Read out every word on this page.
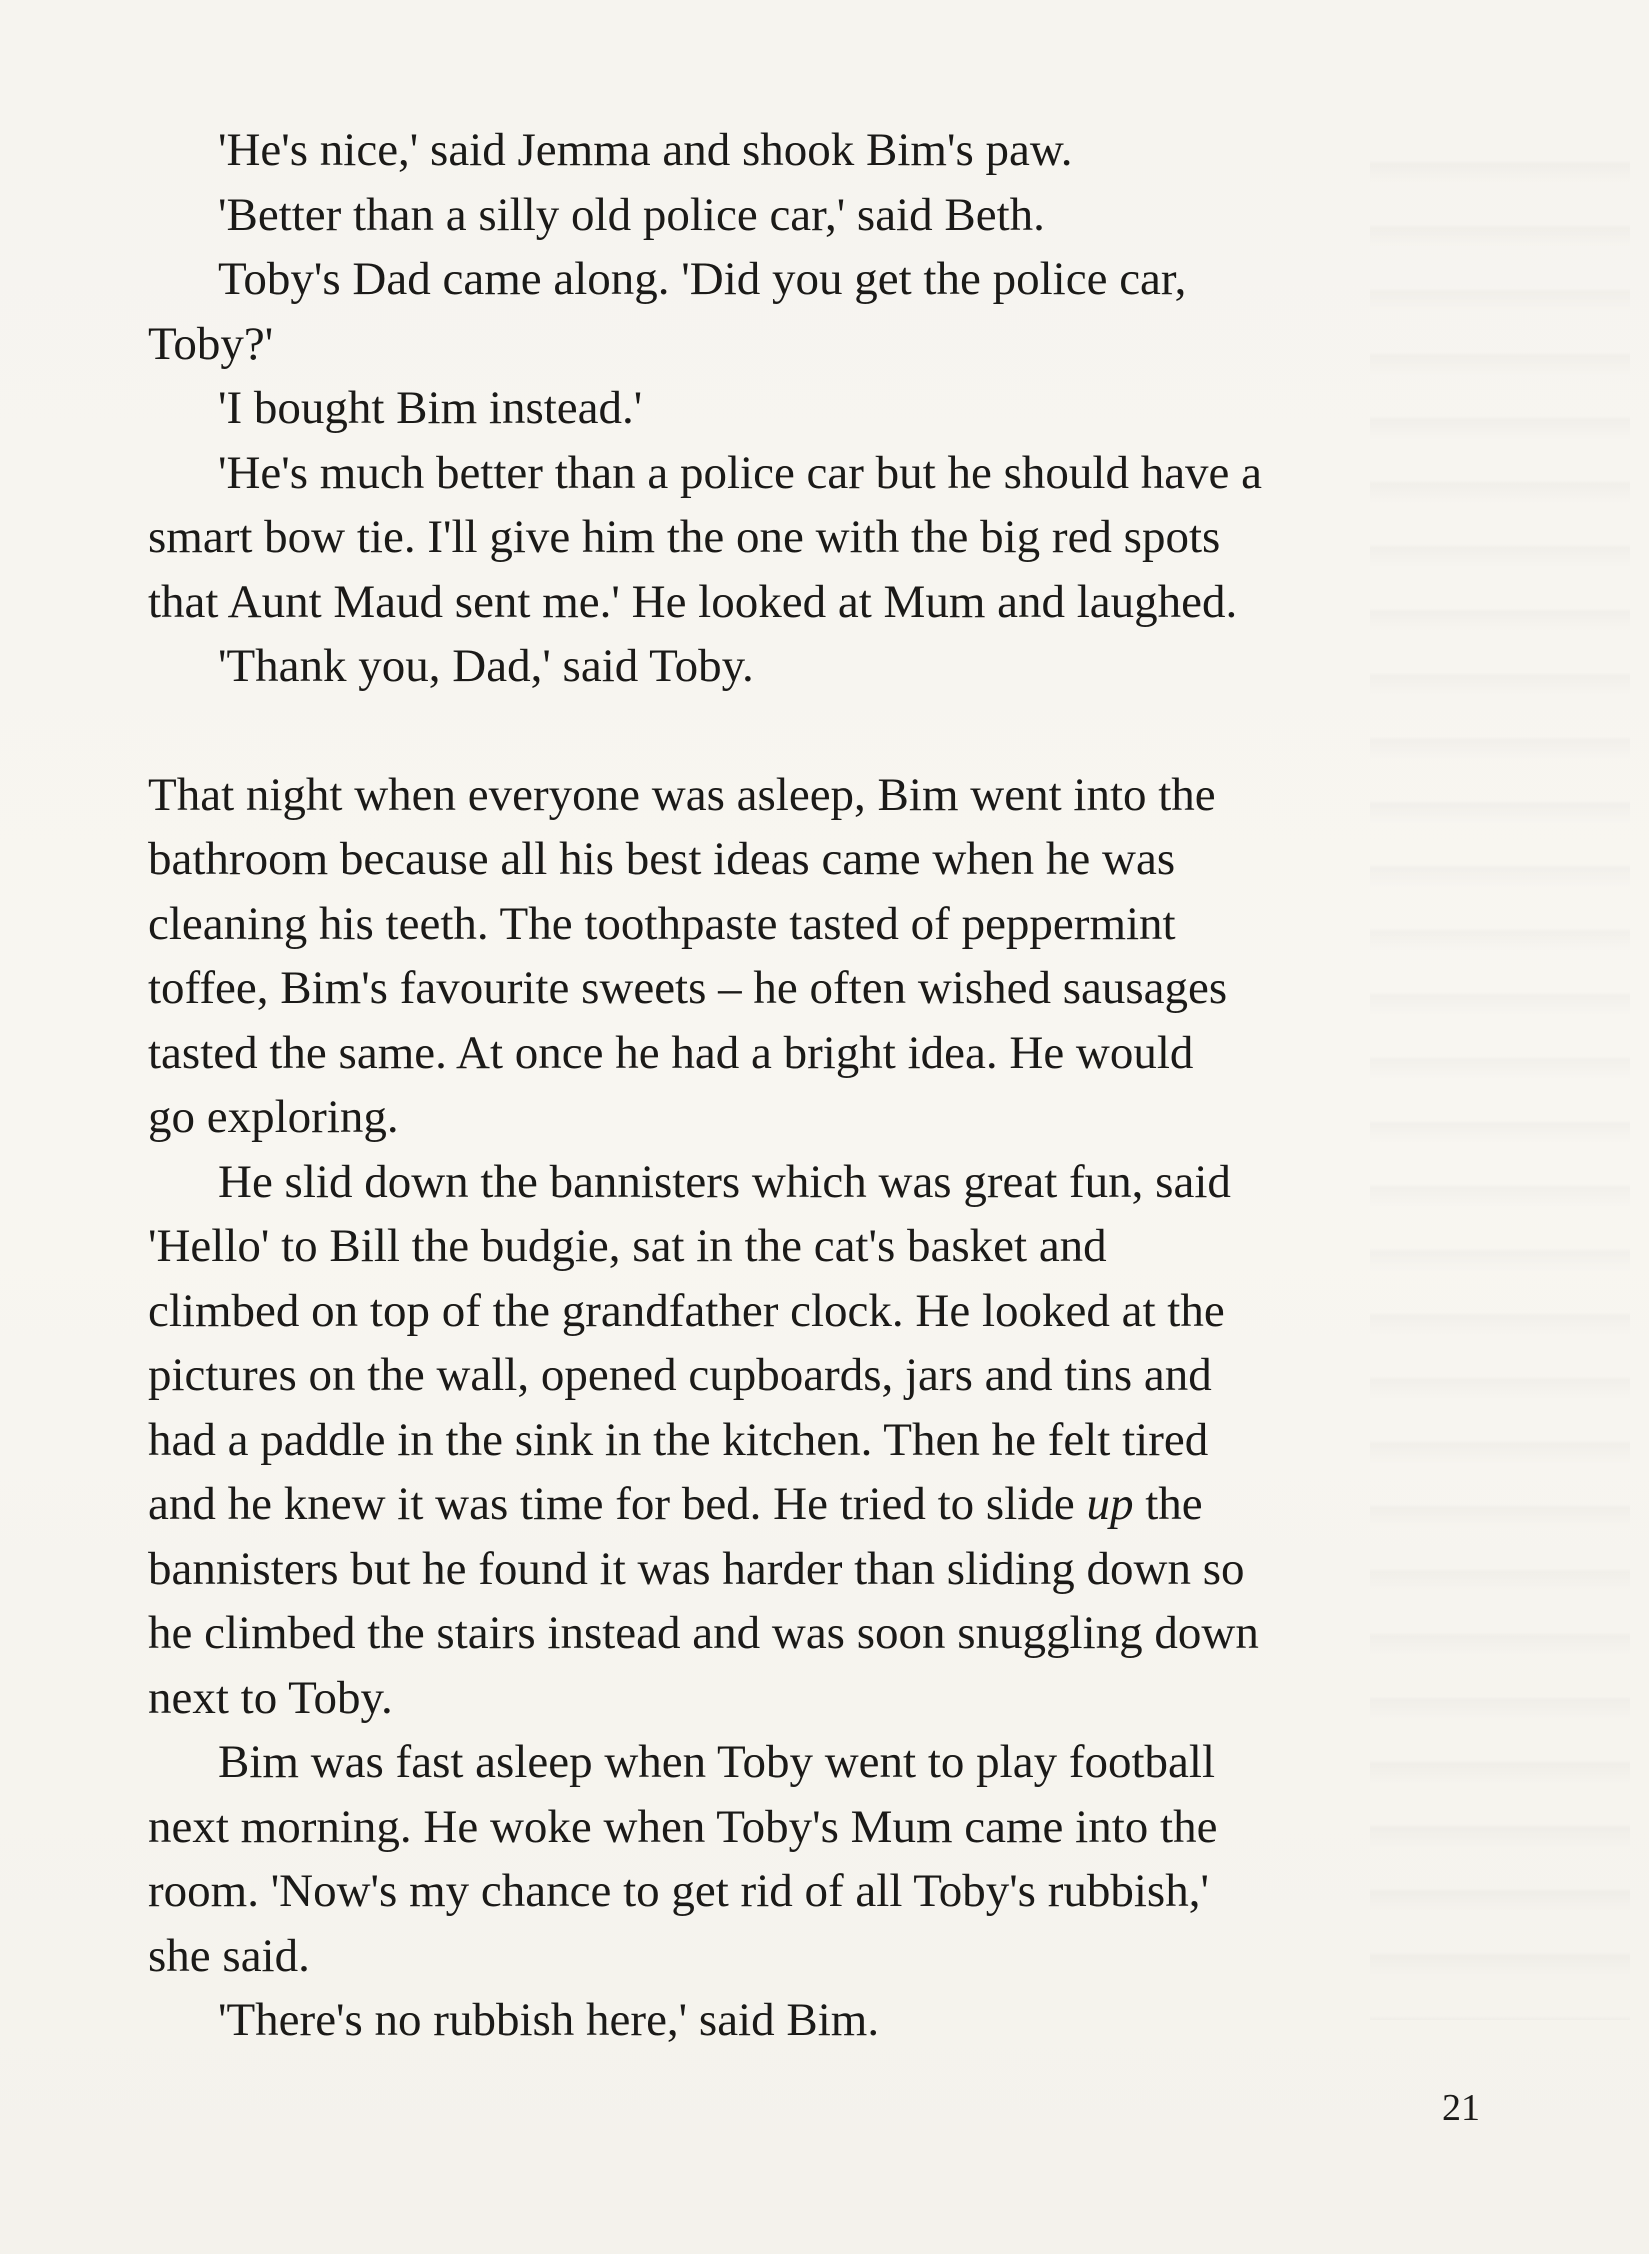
'He's nice,' said Jemma and shook Bim's paw.

'Better than a silly old police car,' said Beth.

Toby's Dad came along. 'Did you get the police car,

Toby?'

'I bought Bim instead.'

'He's much better than a police car but he should have a

smart bow tie. I'll give him the one with the big red spots

that Aunt Maud sent me.' He looked at Mum and laughed.

'Thank you, Dad,' said Toby.

That night when everyone was asleep, Bim went into the

bathroom because all his best ideas came when he was

cleaning his teeth. The toothpaste tasted of peppermint

toffee, Bim's favourite sweets – he often wished sausages

tasted the same. At once he had a bright idea. He would

go exploring.

He slid down the bannisters which was great fun, said

'Hello' to Bill the budgie, sat in the cat's basket and

climbed on top of the grandfather clock. He looked at the

pictures on the wall, opened cupboards, jars and tins and

had a paddle in the sink in the kitchen. Then he felt tired

and he knew it was time for bed. He tried to slide up the

bannisters but he found it was harder than sliding down so

he climbed the stairs instead and was soon snuggling down

next to Toby.

Bim was fast asleep when Toby went to play football

next morning. He woke when Toby's Mum came into the

room. 'Now's my chance to get rid of all Toby's rubbish,'

she said.

'There's no rubbish here,' said Bim.

21
